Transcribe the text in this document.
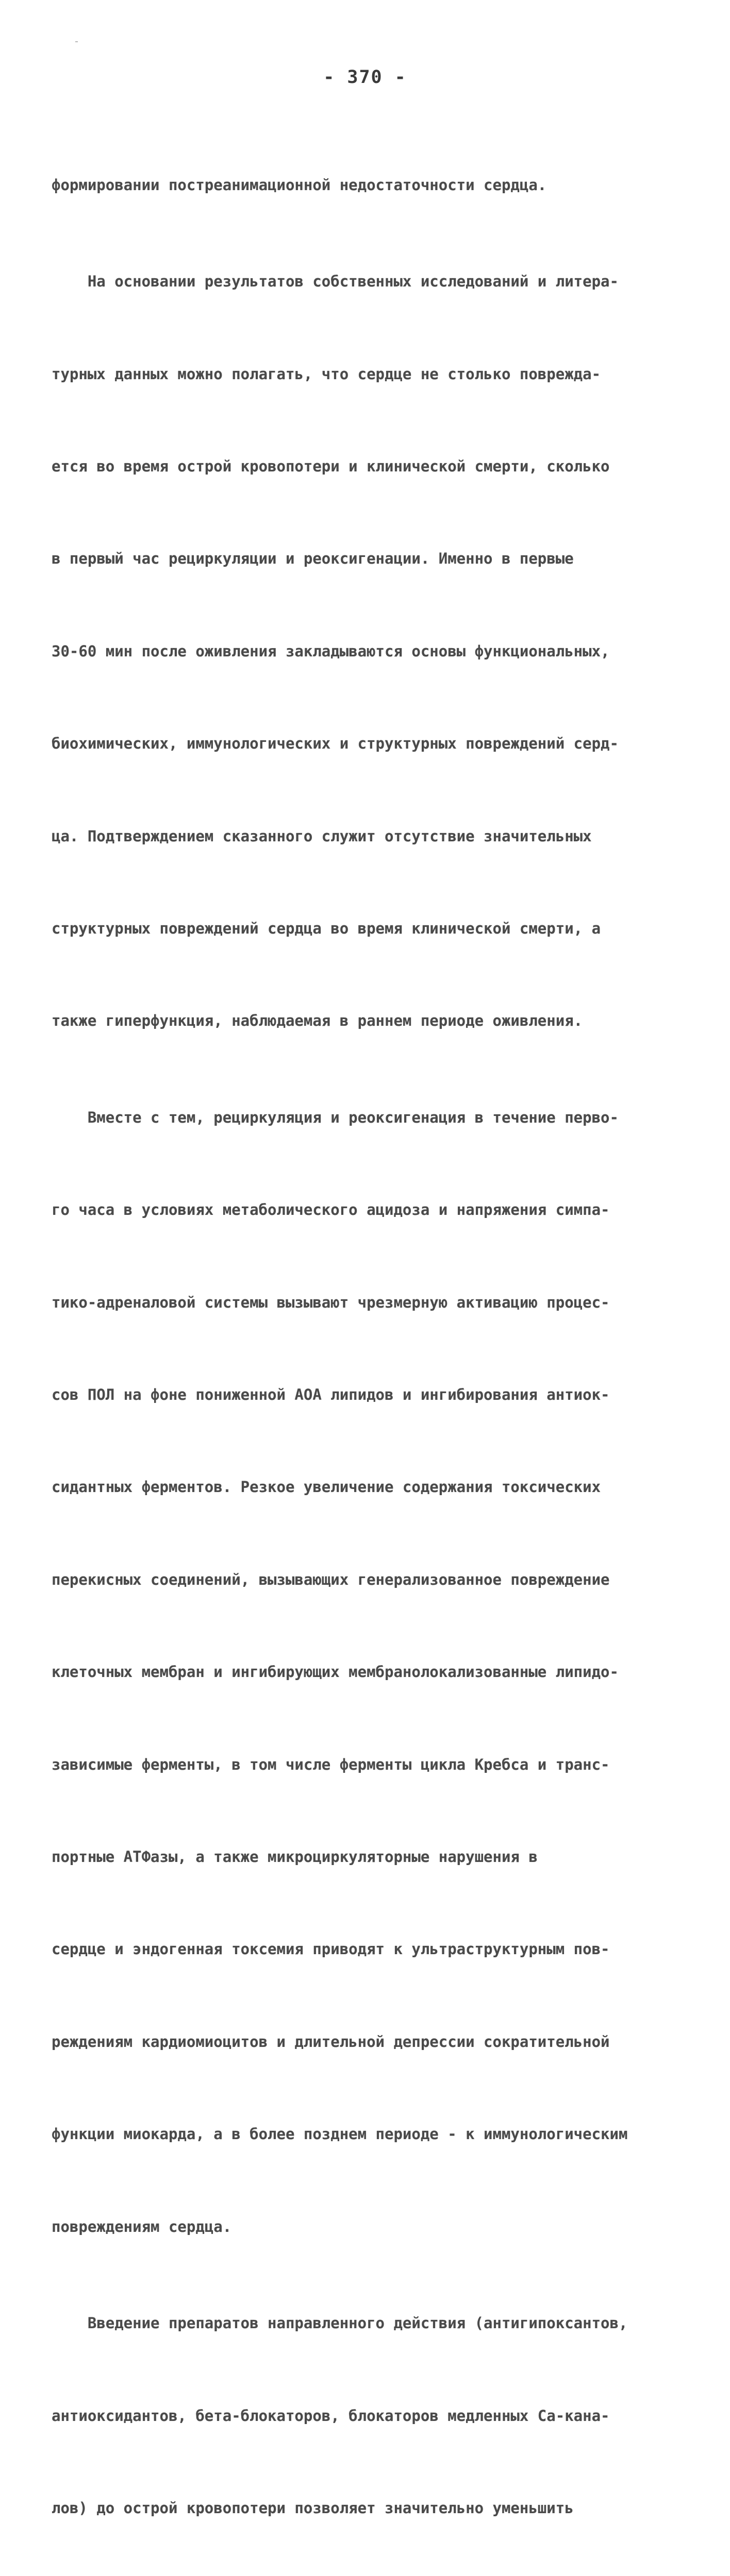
- 370 -

формировании постреанимационной недостаточности сердца.

На основании результатов собственных исследований и литера-

турных данных можно полагать, что сердце не столько поврежда-

ется во время острой кровопотери и клинической смерти, сколько

в первый час рециркуляции и реоксигенации. Именно в первые

30-60 мин после оживления закладываются основы функциональных,

биохимических, иммунологических и структурных повреждений серд-

ца. Подтверждением сказанного служит отсутствие значительных

структурных повреждений сердца во время клинической смерти, а

также гиперфункция, наблюдаемая в раннем периоде оживления.

Вместе с тем, рециркуляция и реоксигенация в течение перво-

го часа в условиях метаболического ацидоза и напряжения симпа-

тико-адреналовой системы вызывают чрезмерную активацию процес-

сов ПОЛ на фоне пониженной АОА липидов и ингибирования антиок-

сидантных ферментов. Резкое увеличение содержания токсических

перекисных соединений, вызывающих генерализованное повреждение

клеточных мембран и ингибирующих мембранолокализованные липидо-

зависимые ферменты, в том числе ферменты цикла Кребса и транс-

портные АТФазы, а также микроциркуляторные нарушения в

сердце и эндогенная токсемия приводят к ультраструктурным пов-

реждениям кардиомиоцитов и длительной депрессии сократительной

функции миокарда, а в более позднем периоде - к иммунологическим

повреждениям сердца.

Введение препаратов направленного действия (антигипоксантов,

антиоксидантов, бета-блокаторов, блокаторов медленных Ca-кана-

лов) до острой кровопотери позволяет значительно уменьшить
